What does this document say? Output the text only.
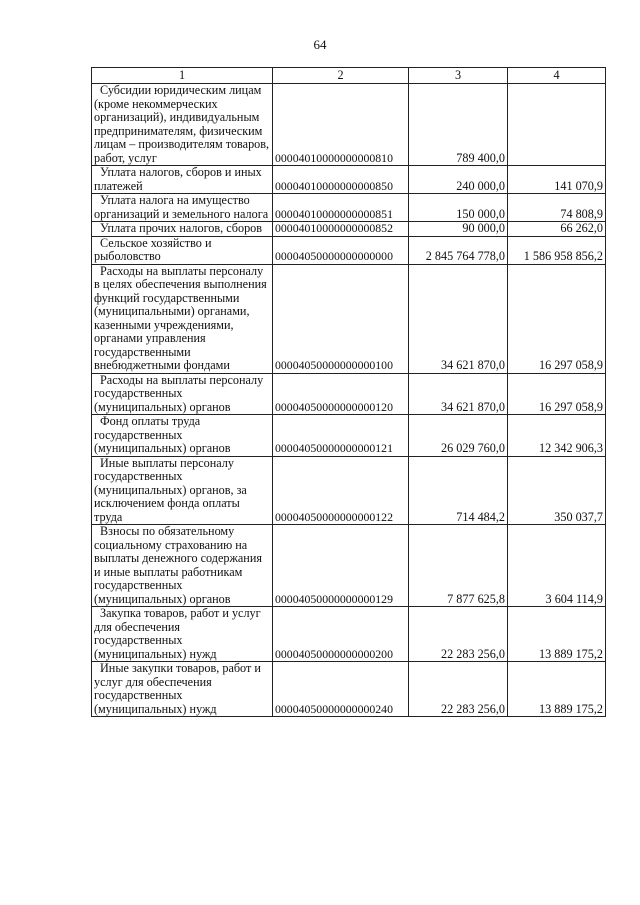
64
1	2	3	4
Субсидии юридическим лицам (кроме некоммерческих организаций), индивидуальным предпринимателям, физическим лицам – производителям товаров, работ, услуг	00004010000000000810	789 400,0	
Уплата налогов, сборов и иных платежей	00004010000000000850	240 000,0	141 070,9
Уплата налога на имущество организаций и земельного налога	00004010000000000851	150 000,0	74 808,9
Уплата прочих налогов, сборов	00004010000000000852	90 000,0	66 262,0
Сельское хозяйство и рыболовство	00004050000000000000	2 845 764 778,0	1 586 958 856,2
Расходы на выплаты персоналу в целях обеспечения выполнения функций государственными (муниципальными) органами, казенными учреждениями, органами управления государственными внебюджетными фондами	00004050000000000100	34 621 870,0	16 297 058,9
Расходы на выплаты персоналу государственных (муниципальных) органов	00004050000000000120	34 621 870,0	16 297 058,9
Фонд оплаты труда государственных (муниципальных) органов	00004050000000000121	26 029 760,0	12 342 906,3
Иные выплаты персоналу государственных (муниципальных) органов, за исключением фонда оплаты труда	00004050000000000122	714 484,2	350 037,7
Взносы по обязательному социальному страхованию на выплаты денежного содержания и иные выплаты работникам государственных (муниципальных) органов	00004050000000000129	7 877 625,8	3 604 114,9
Закупка товаров, работ и услуг для обеспечения государственных (муниципальных) нужд	00004050000000000200	22 283 256,0	13 889 175,2
Иные закупки товаров, работ и услуг для обеспечения государственных (муниципальных) нужд	00004050000000000240	22 283 256,0	13 889 175,2
